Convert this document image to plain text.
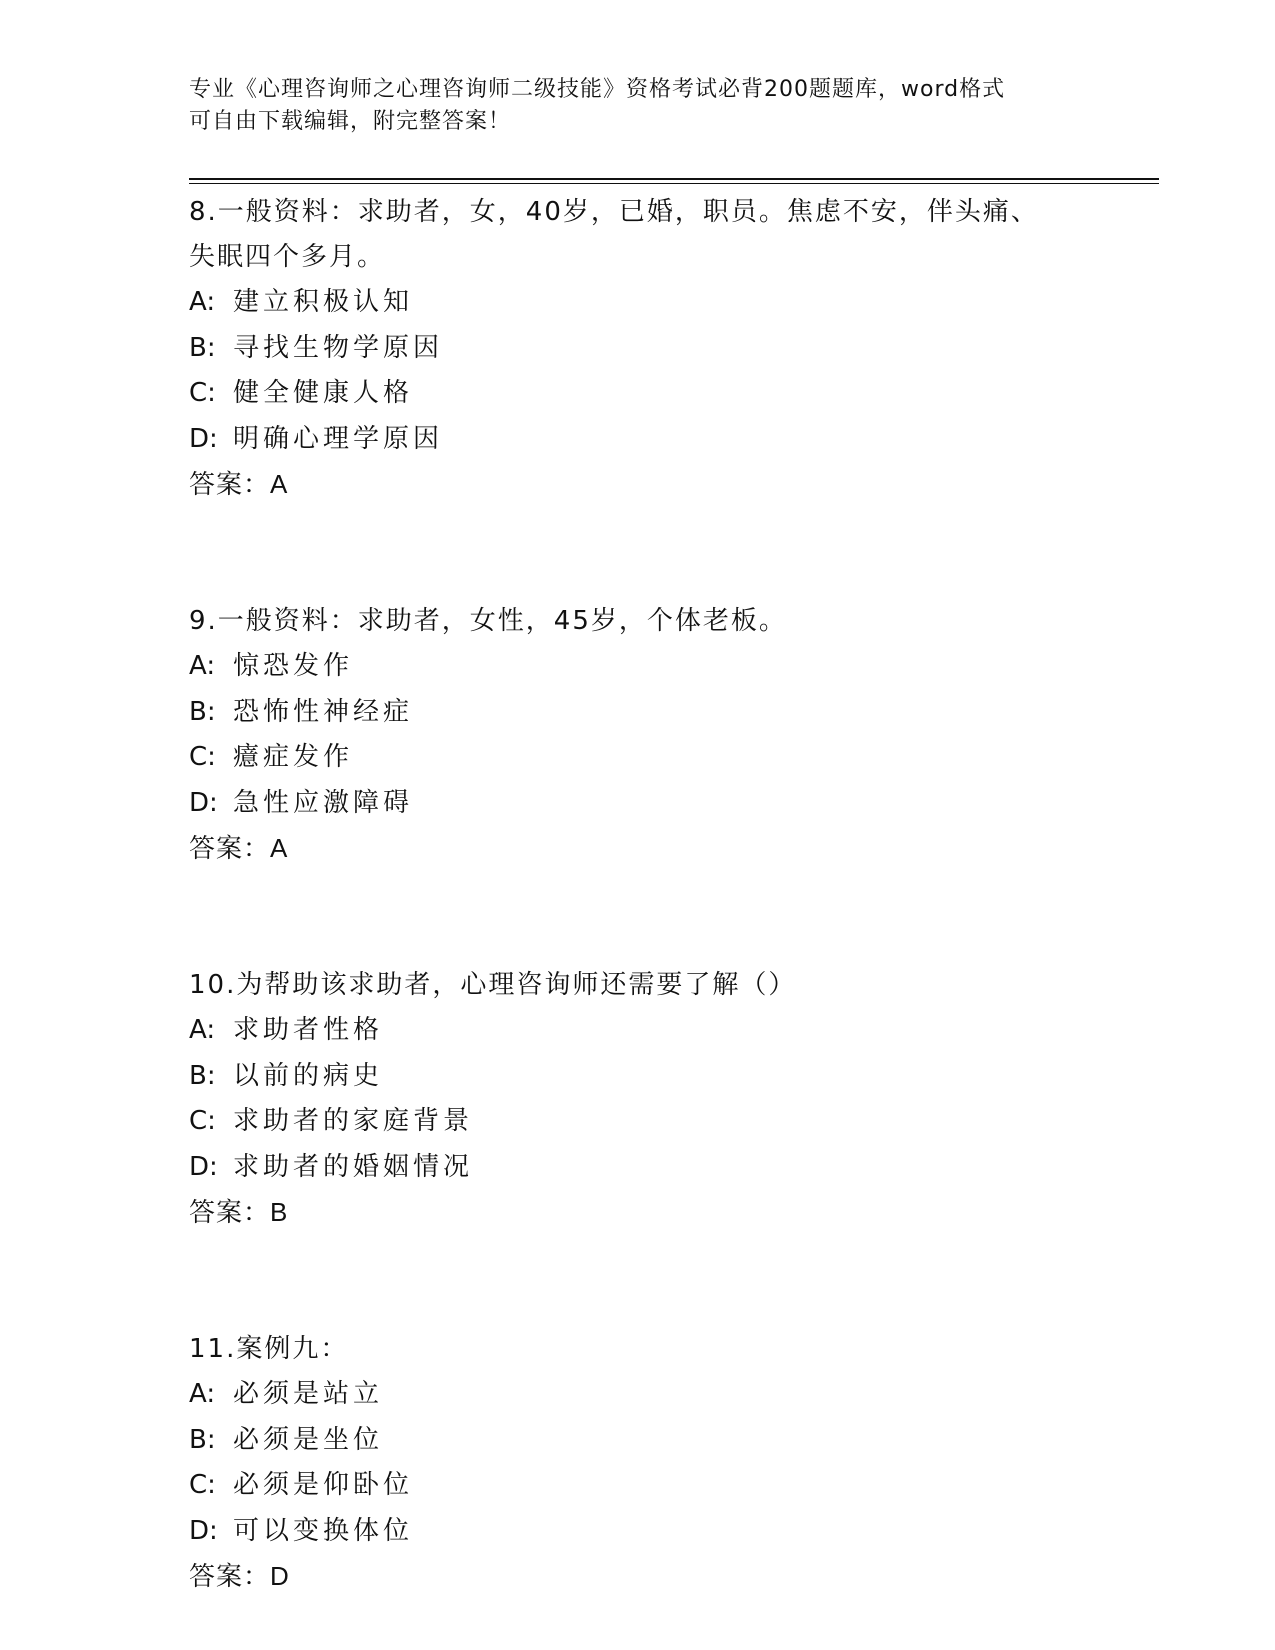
专业《心理咨询师之心理咨询师二级技能》资格考试必背200题题库，word格式
可自由下载编辑，附完整答案！
8.一般资料：求助者，女，40岁，已婚，职员。焦虑不安，伴头痛、
失眠四个多月。
A: 建立积极认知
B: 寻找生物学原因
C: 健全健康人格
D: 明确心理学原因
答案：A
9.一般资料：求助者，女性，45岁，个体老板。
A: 惊恐发作
B: 恐怖性神经症
C: 癔症发作
D: 急性应激障碍
答案：A
10.为帮助该求助者，心理咨询师还需要了解（）
A: 求助者性格
B: 以前的病史
C: 求助者的家庭背景
D: 求助者的婚姻情况
答案：B
11.案例九：
A: 必须是站立
B: 必须是坐位
C: 必须是仰卧位
D: 可以变换体位
答案：D
